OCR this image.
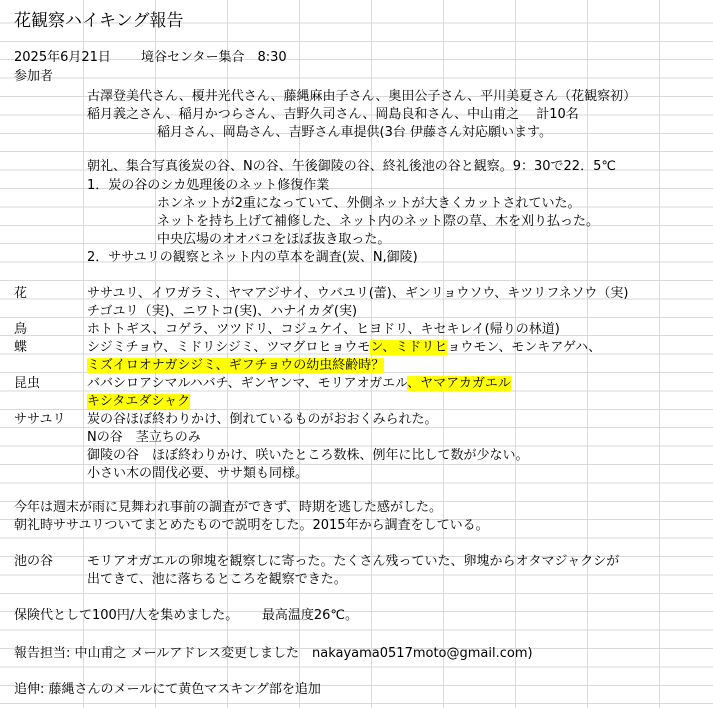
花観察ハイキング報告
2025年6月21日　　 境谷センター集合　8:30
参加者
古澤登美代さん、榎井光代さん、藤縄麻由子さん、奥田公子さん、平川美夏さん（花観察初）
稲月義之さん、稲月かつらさん、吉野久司さん、岡島良和さん、中山甫之　 計10名
稲月さん、岡島さん、吉野さん車提供(3台 伊藤さん対応願います。
朝礼、集合写真後炭の谷、Nの谷、午後御陵の谷、終礼後池の谷と観察。9：30で22．5℃
1．炭の谷のシカ処理後のネット修復作業
ホンネットが2重になっていて、外側ネットが大きくカットされていた。
ネットを持ち上げて補修した、ネット内のネット際の草、木を刈り払った。
中央広場のオオバコをほぼ抜き取った。
2．ササユリの観察とネット内の草本を調査(炭、N,御陵)
花	ササユリ、イワガラミ、ヤマアジサイ、ウバユリ(蕾)、ギンリョウソウ、キツリフネソウ（実)
チゴユリ（実)、ニワトコ(実)、ハナイカダ(実)
鳥	ホトトギス、コゲラ、ツツドリ、コジュケイ、ヒヨドリ、キセキレイ(帰りの林道)
蝶	シジミチョウ、ミドリシジミ、ツマグロヒョウモン、ミドリヒョウモン、モンキアゲハ、
ミズイロオナガシジミ、ギフチョウの幼虫終齢時？
昆虫	ババシロアシマルハバチ、ギンヤンマ、モリアオガエル、ヤマアカガエル
キシタエダシャク
ササユリ 炭の谷ほぼ終わりかけ、倒れているものがおおくみられた。
Nの谷　茎立ちのみ
御陵の谷　ほぼ終わりかけ、咲いたところ数株、例年に比して数が少ない。
小さい木の間伐必要、ササ類も同様。
今年は週末が雨に見舞われ事前の調査ができず、時期を逃した感がした。
朝礼時ササユリついてまとめたもので説明をした。2015年から調査をしている。
池の谷	モリアオガエルの卵塊を観察しに寄った。たくさん残っていた、卵塊からオタマジャクシが
出てきて、池に落ちるところを観察できた。
保険代として100円/人を集めました。　　 最高温度26℃。
報告担当: 中山甫之 メールアドレス変更しました　nakayama0517moto@gmail.com)
追伸: 藤縄さんのメールにて黄色マスキング部を追加
